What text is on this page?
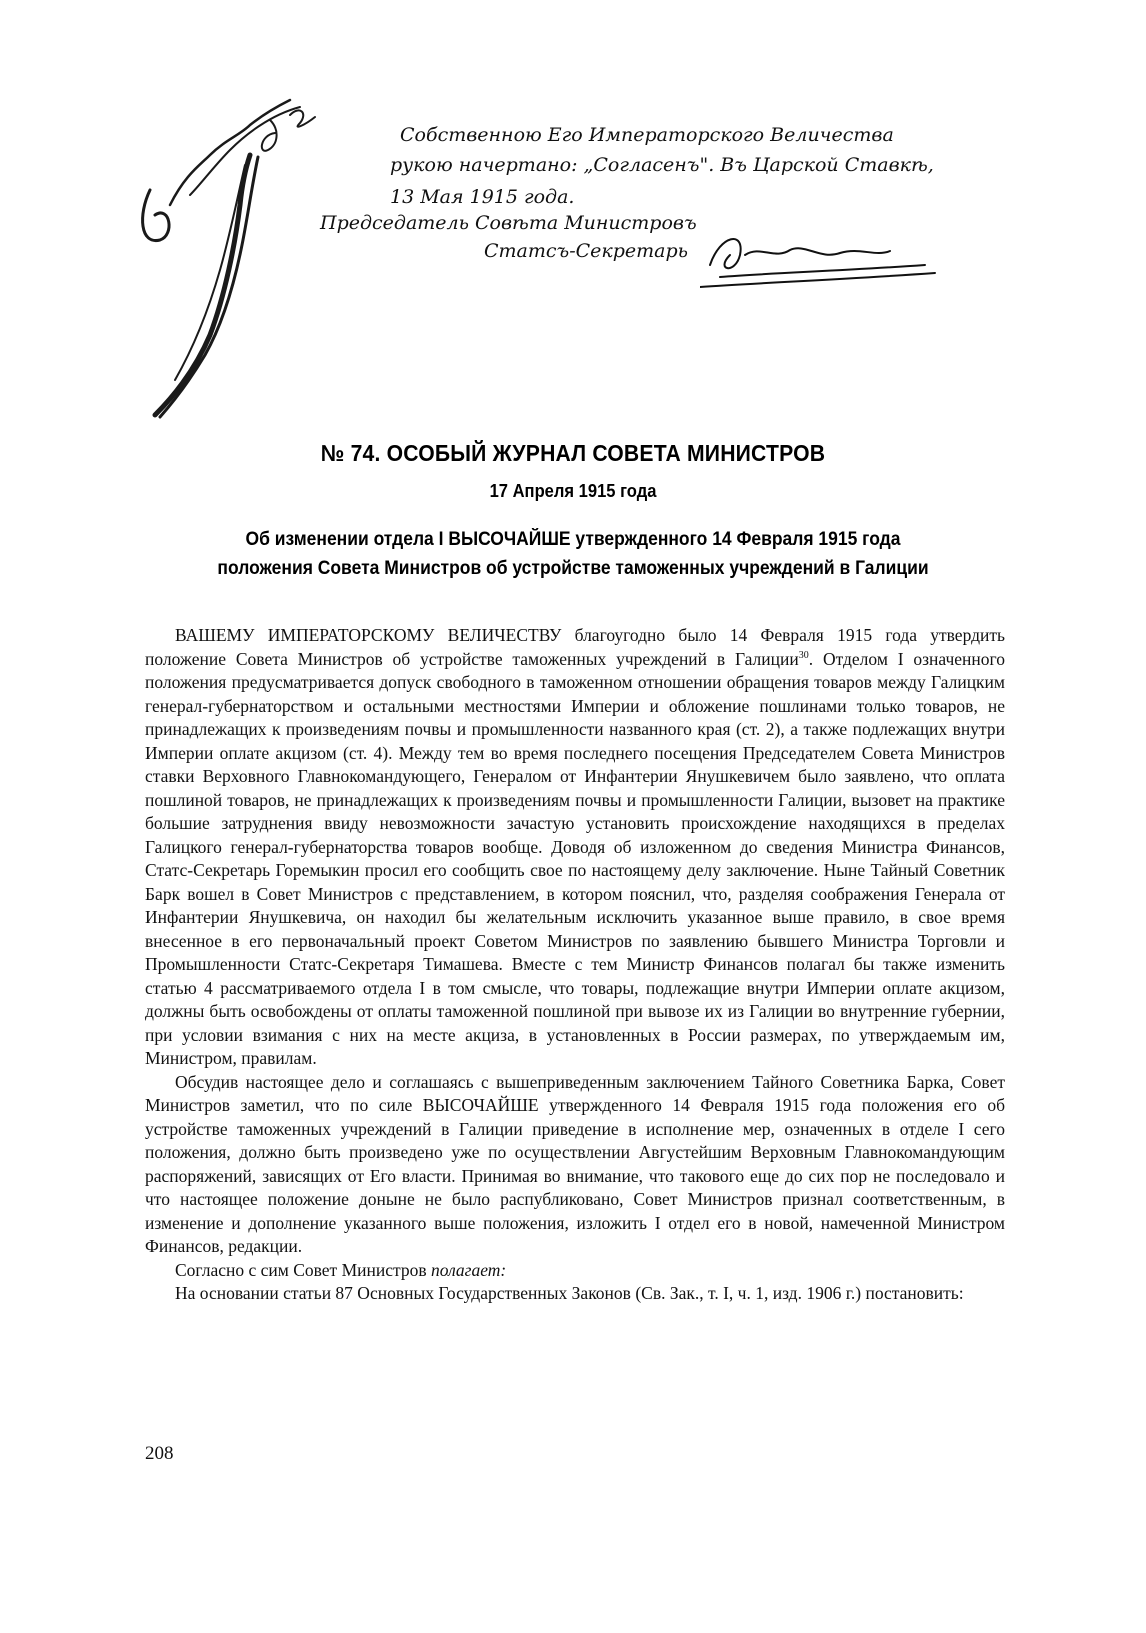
Собственною Его Императорского Величества
рукою начертано: „Согласенъ". Въ Царской Ставкѣ,
13 Мая 1915 года.
Председатель Совѣта Министровъ
Статсъ-Секретарь
№ 74. ОСОБЫЙ ЖУРНАЛ СОВЕТА МИНИСТРОВ
17 Апреля 1915 года
Об изменении отдела I ВЫСОЧАЙШЕ утвержденного 14 Февраля 1915 года
положения Совета Министров об устройстве таможенных учреждений в Галиции

ВАШЕМУ ИМПЕРАТОРСКОМУ ВЕЛИЧЕСТВУ благоугодно было 14 Февраля 1915 года утвердить положение Совета Министров об устройстве таможенных учреждений в Галиции$^{30}$. Отделом I означенного положения предусматривается допуск свободного в таможенном отношении обращения товаров между Галицким генерал-губернаторством и остальными местностями Империи и обложение пошлинами только товаров, не принадлежащих к произведениям почвы и промышленности названного края (ст. 2), а также подлежащих внутри Империи оплате акцизом (ст. 4). Между тем во время последнего посещения Председателем Совета Министров ставки Верховного Главнокомандующего, Генералом от Инфантерии Янушкевичем было заявлено, что оплата пошлиной товаров, не принадлежащих к произведениям почвы и промышленности Галиции, вызовет на практике большие затруднения ввиду невозможности зачастую установить происхождение находящихся в пределах Галицкого генерал-губернаторства товаров вообще. Доводя об изложенном до сведения Министра Финансов, Статс-Секретарь Горемыкин просил его сообщить свое по настоящему делу заключение. Ныне Тайный Советник Барк вошел в Совет Министров с представлением, в котором пояснил, что, разделяя соображения Генерала от Инфантерии Янушкевича, он находил бы желательным исключить указанное выше правило, в свое время внесенное в его первоначальный проект Советом Министров по заявлению бывшего Министра Торговли и Промышленности Статс-Секретаря Тимашева. Вместе с тем Министр Финансов полагал бы также изменить статью 4 рассматриваемого отдела I в том смысле, что товары, подлежащие внутри Империи оплате акцизом, должны быть освобождены от оплаты таможенной пошлиной при вывозе их из Галиции во внутренние губернии, при условии взимания с них на месте акциза, в установленных в России размерах, по утверждаемым им, Министром, правилам.

Обсудив настоящее дело и соглашаясь с вышеприведенным заключением Тайного Советника Барка, Совет Министров заметил, что по силе ВЫСОЧАЙШЕ утвержденного 14 Февраля 1915 года положения его об устройстве таможенных учреждений в Галиции приведение в исполнение мер, означенных в отделе I сего положения, должно быть произведено уже по осуществлении Августейшим Верховным Главнокомандующим распоряжений, зависящих от Его власти. Принимая во внимание, что такового еще до сих пор не последовало и что настоящее положение доныне не было распубликовано, Совет Министров признал соответственным, в изменение и дополнение указанного выше положения, изложить I отдел его в новой, намеченной Министром Финансов, редакции.

Согласно с сим Совет Министров полагает:

На основании статьи 87 Основных Государственных Законов (Св. Зак., т. I, ч. 1, изд. 1906 г.) постановить:

208
